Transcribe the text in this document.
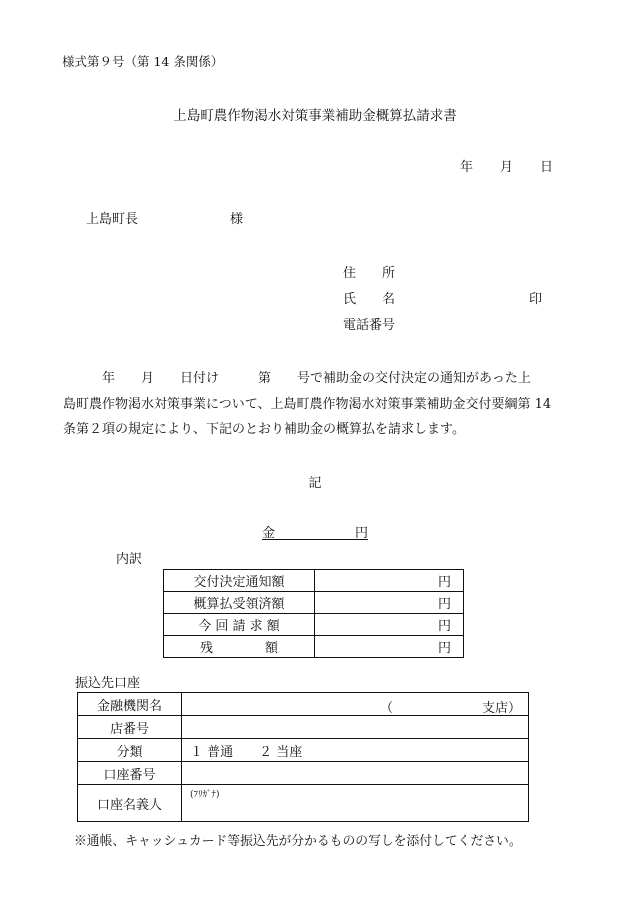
様式第９号（第 14 条関係）
上島町農作物渇水対策事業補助金概算払請求書
年 月 日
上島町長	様
住　　所
氏　　名	印
電話番号
　　　年　　月　　日付け　　　第　　号で補助金の交付決定の通知があった上
島町農作物渇水対策事業について、上島町農作物渇水対策事業補助金交付要綱第 14
条第２項の規定により、下記のとおり補助金の概算払を請求します。
記
金	円
内訳
交付決定通知額	円
概算払受領済額	円
今 回 請 求 額	円
残　　　　額	円
振込先口座
金融機関名	（ 支店）

店番号	
分類	１ 普通　　２ 当座
口座番号	
口座名義人	(ﾌﾘｶﾞﾅ)
※通帳、キャッシュカード等振込先が分かるものの写しを添付してください。
